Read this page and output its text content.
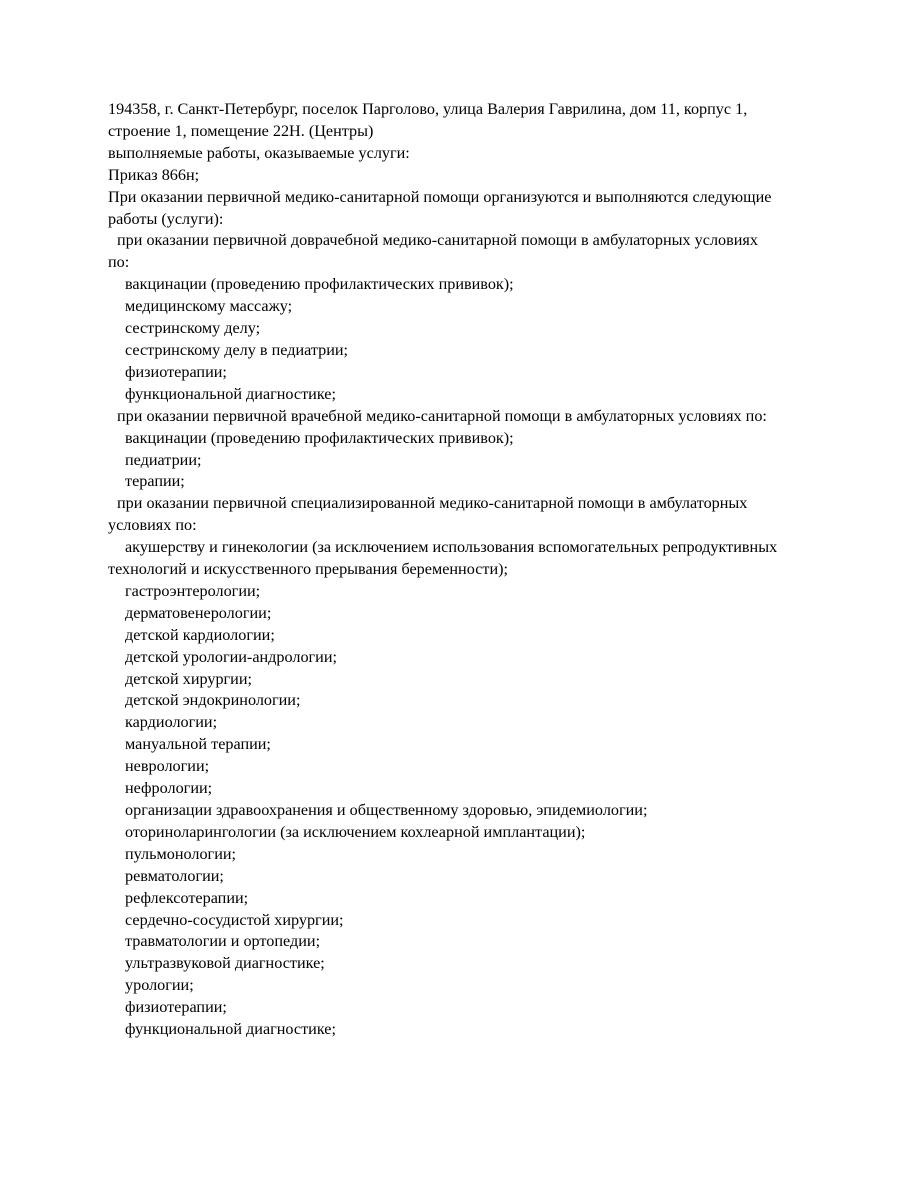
194358, г. Санкт-Петербург, поселок Парголово, улица Валерия Гаврилина, дом 11, корпус 1,
строение 1, помещение 22Н. (Центры)
выполняемые работы, оказываемые услуги:
Приказ 866н;
При оказании первичной медико-санитарной помощи организуются и выполняются следующие
работы (услуги):
при оказании первичной доврачебной медико-санитарной помощи в амбулаторных условиях
по:
вакцинации (проведению профилактических прививок);
медицинскому массажу;
сестринскому делу;
сестринскому делу в педиатрии;
физиотерапии;
функциональной диагностике;
при оказании первичной врачебной медико-санитарной помощи в амбулаторных условиях по:
вакцинации (проведению профилактических прививок);
педиатрии;
терапии;
при оказании первичной специализированной медико-санитарной помощи в амбулаторных
условиях по:
акушерству и гинекологии (за исключением использования вспомогательных репродуктивных
технологий и искусственного прерывания беременности);
гастроэнтерологии;
дерматовенерологии;
детской кардиологии;
детской урологии-андрологии;
детской хирургии;
детской эндокринологии;
кардиологии;
мануальной терапии;
неврологии;
нефрологии;
организации здравоохранения и общественному здоровью, эпидемиологии;
оториноларингологии (за исключением кохлеарной имплантации);
пульмонологии;
ревматологии;
рефлексотерапии;
сердечно-сосудистой хирургии;
травматологии и ортопедии;
ультразвуковой диагностике;
урологии;
физиотерапии;
функциональной диагностике;
